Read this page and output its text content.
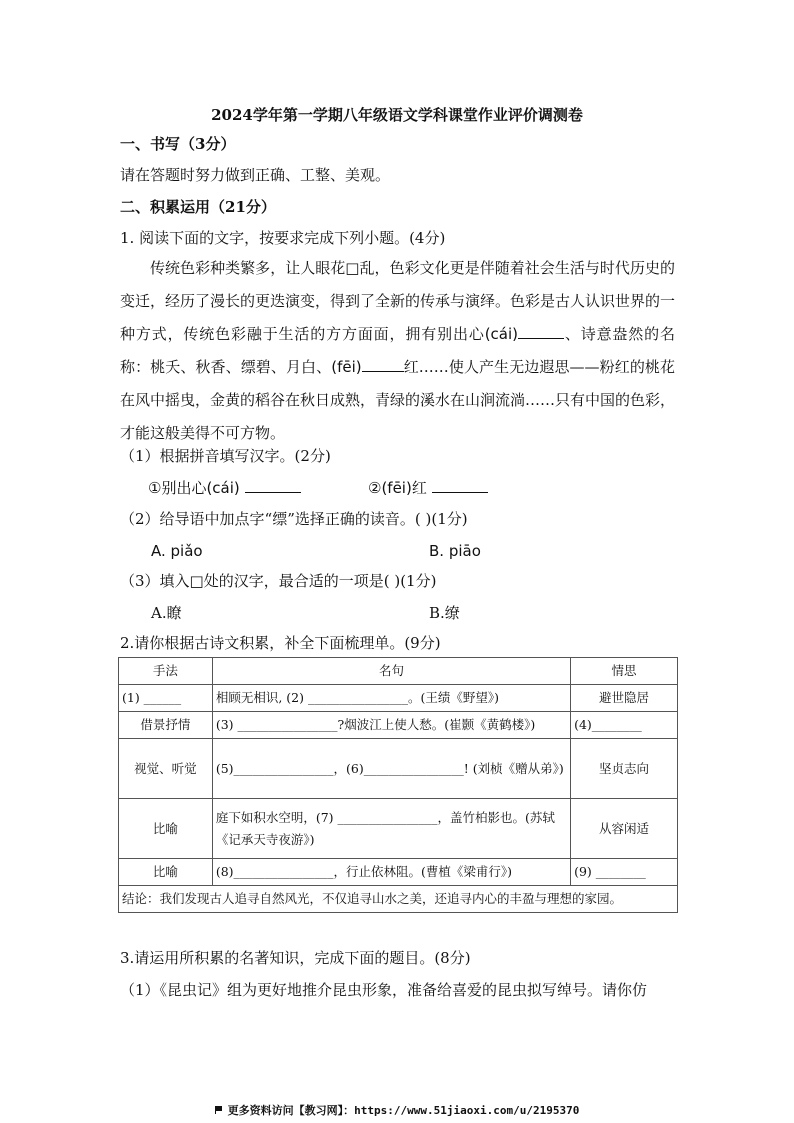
2024学年第一学期八年级语文学科课堂作业评价调测卷
一、书写（3分）
请在答题时努力做到正确、工整、美观。
二、积累运用（21分）
1. 阅读下面的文字，按要求完成下列小题。(4分)
传统色彩种类繁多，让人眼花□乱，色彩文化更是伴随着社会生活与时代历史的变迁，经历了漫长的更迭演变，得到了全新的传承与演绎。色彩是古人认识世界的一种方式，传统色彩融于生活的方方面面，拥有别出心(cái)	、诗意盎然的名称：桃夭、秋香、缥碧、月白、(fēi)	红……使人产生无边遐思——粉红的桃花在风中摇曳，金黄的稻谷在秋日成熟，青绿的溪水在山涧流淌……只有中国的色彩，才能这般美得不可方物。
（1）根据拼音填写汉字。(2分)
①别出心(cái)	②(fēi)红
（2）给导语中加点字“缥”选择正确的读音。( )(1分)
A. piǎo	B. piāo
（3）填入□处的汉字，最合适的一项是( )(1分)
A.瞭	B.缭
2.请你根据古诗文积累，补全下面梳理单。(9分)
手法	名句	情思
(1) ______	相顾无相识, (2) ________________。(王绩《野望》)	避世隐居
借景抒情	(3) ________________?烟波江上使人愁。(崔颢《黄鹤楼》)	(4)________
视觉、听觉	(5)________________，(6)________________! (刘桢《赠从弟》)	坚贞志向
比喻	庭下如积水空明，(7) ________________，盖竹柏影也。(苏轼《记承天寺夜游》)	从容闲适
比喻	(8)________________，行止依林阻。(曹植《梁甫行》)	(9) ________
结论：我们发现古人追寻自然风光，不仅追寻山水之美，还追寻内心的丰盈与理想的家园。		
3.请运用所积累的名著知识，完成下面的题目。(8分)
（1）《昆虫记》组为更好地推介昆虫形象，准备给喜爱的昆虫拟写绰号。请你仿
更多资料访问【教习网】：https://www.51jiaoxi.com/u/2195370
